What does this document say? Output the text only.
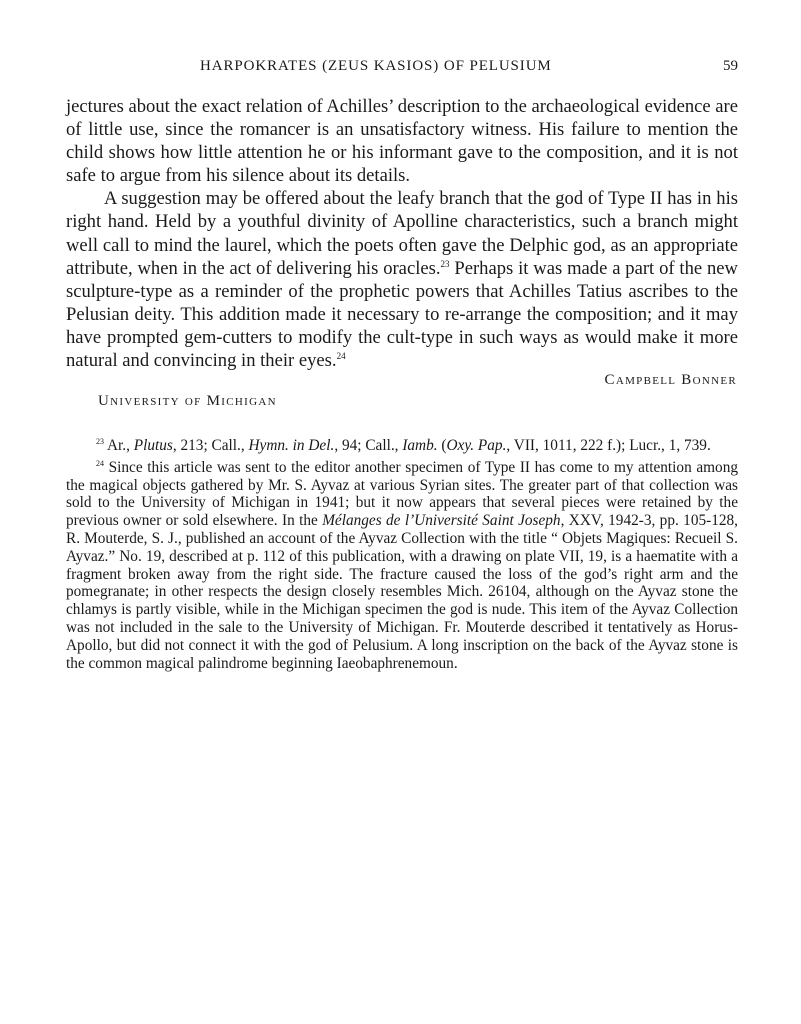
HARPOKRATES (ZEUS KASIOS) OF PELUSIUM	59

jectures about the exact relation of Achilles’ description to the archaeological evidence are of little use, since the romancer is an unsatisfactory witness. His failure to mention the child shows how little attention he or his informant gave to the composition, and it is not safe to argue from his silence about its details.

A suggestion may be offered about the leafy branch that the god of Type II has in his right hand. Held by a youthful divinity of Apolline characteristics, such a branch might well call to mind the laurel, which the poets often gave the Delphic god, as an appropriate attribute, when in the act of delivering his oracles.$^{23}$ Perhaps it was made a part of the new sculpture-type as a reminder of the prophetic powers that Achilles Tatius ascribes to the Pelusian deity. This addition made it necessary to re-arrange the composition; and it may have prompted gem-cutters to modify the cult-type in such ways as would make it more natural and convincing in their eyes.$^{24}$

Campbell Bonner
University of Michigan

$^{23}$ Ar., Plutus, 213; Call., Hymn. in Del., 94; Call., Iamb. (Oxy. Pap., VII, 1011, 222 f.); Lucr., 1, 739.

$^{24}$ Since this article was sent to the editor another specimen of Type II has come to my attention among the magical objects gathered by Mr. S. Ayvaz at various Syrian sites. The greater part of that collection was sold to the University of Michigan in 1941; but it now appears that several pieces were retained by the previous owner or sold elsewhere. In the Mélanges de l’Université Saint Joseph, XXV, 1942-3, pp. 105-128, R. Mouterde, S. J., published an account of the Ayvaz Collection with the title “ Objets Magiques: Recueil S. Ayvaz.” No. 19, described at p. 112 of this publication, with a drawing on plate VII, 19, is a haematite with a fragment broken away from the right side. The fracture caused the loss of the god’s right arm and the pomegranate; in other respects the design closely resembles Mich. 26104, although on the Ayvaz stone the chlamys is partly visible, while in the Michigan specimen the god is nude. This item of the Ayvaz Collection was not included in the sale to the University of Michigan. Fr. Mouterde described it tentatively as Horus-Apollo, but did not connect it with the god of Pelusium. A long inscription on the back of the Ayvaz stone is the common magical palindrome beginning Iaeobaphrenemoun.
